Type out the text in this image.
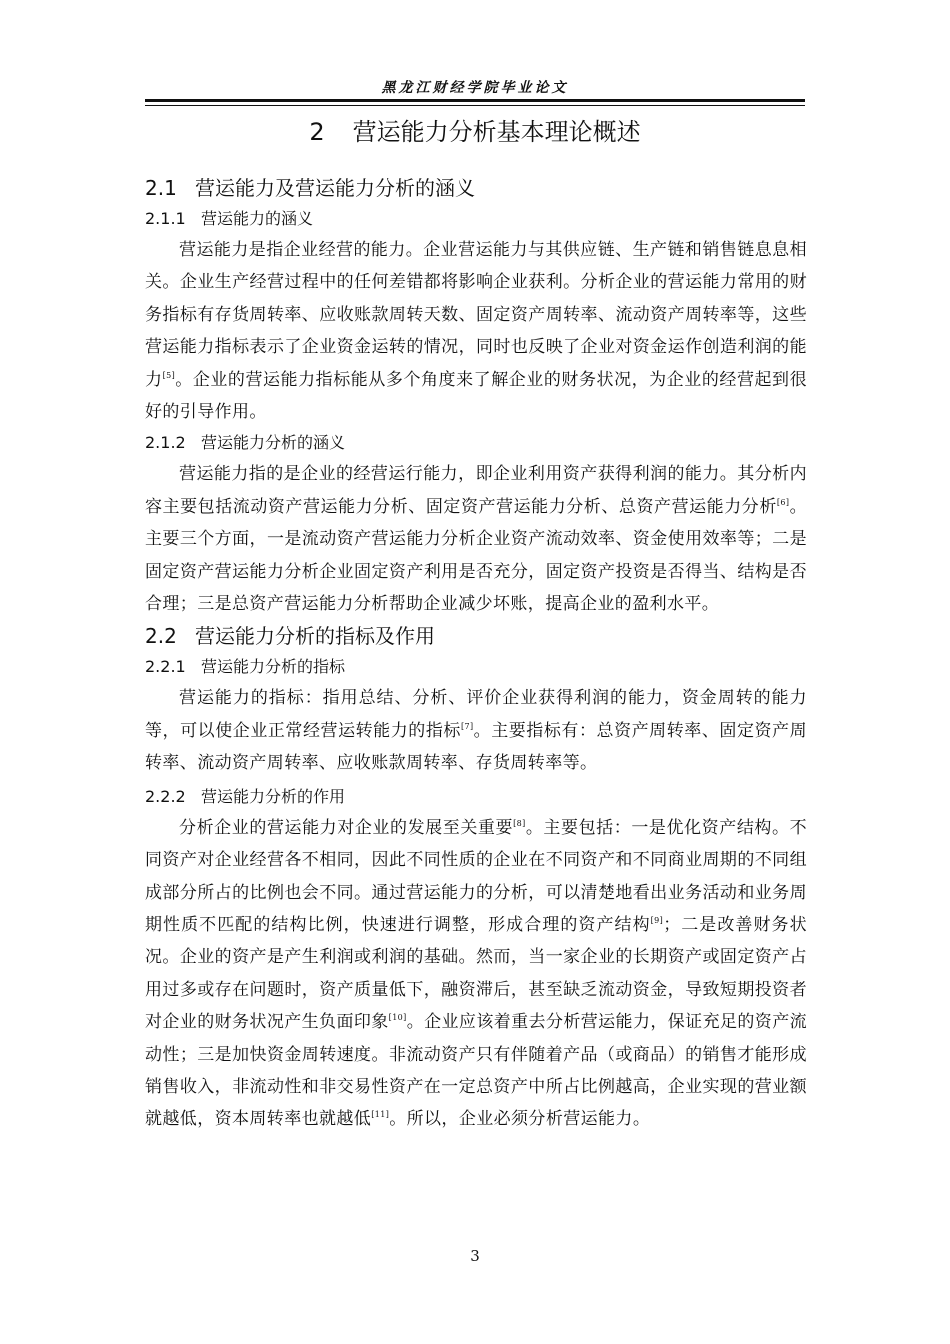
黑龙江财经学院毕业论文
2 营运能力分析基本理论概述
2.1 营运能力及营运能力分析的涵义
2.1.1 营运能力的涵义

营运能力是指企业经营的能力。企业营运能力与其供应链、生产链和销售链息息相关。企业生产经营过程中的任何差错都将影响企业获利。分析企业的营运能力常用的财务指标有存货周转率、应收账款周转天数、固定资产周转率、流动资产周转率等，这些营运能力指标表示了企业资金运转的情况，同时也反映了企业对资金运作创造利润的能力[5]。企业的营运能力指标能从多个角度来了解企业的财务状况，为企业的经营起到很好的引导作用。

2.1.2 营运能力分析的涵义

营运能力指的是企业的经营运行能力，即企业利用资产获得利润的能力。其分析内容主要包括流动资产营运能力分析、固定资产营运能力分析、总资产营运能力分析[6]。主要三个方面，一是流动资产营运能力分析企业资产流动效率、资金使用效率等；二是固定资产营运能力分析企业固定资产利用是否充分，固定资产投资是否得当、结构是否合理；三是总资产营运能力分析帮助企业减少坏账，提高企业的盈利水平。

2.2 营运能力分析的指标及作用
2.2.1 营运能力分析的指标

营运能力的指标：指用总结、分析、评价企业获得利润的能力，资金周转的能力等，可以使企业正常经营运转能力的指标[7]。主要指标有：总资产周转率、固定资产周转率、流动资产周转率、应收账款周转率、存货周转率等。

2.2.2 营运能力分析的作用

分析企业的营运能力对企业的发展至关重要[8]。主要包括：一是优化资产结构。不同资产对企业经营各不相同，因此不同性质的企业在不同资产和不同商业周期的不同组成部分所占的比例也会不同。通过营运能力的分析，可以清楚地看出业务活动和业务周期性质不匹配的结构比例，快速进行调整，形成合理的资产结构[9]；二是改善财务状况。企业的资产是产生利润或利润的基础。然而，当一家企业的长期资产或固定资产占用过多或存在问题时，资产质量低下，融资滞后，甚至缺乏流动资金，导致短期投资者对企业的财务状况产生负面印象[10]。企业应该着重去分析营运能力，保证充足的资产流动性；三是加快资金周转速度。非流动资产只有伴随着产品（或商品）的销售才能形成销售收入，非流动性和非交易性资产在一定总资产中所占比例越高，企业实现的营业额就越低，资本周转率也就越低[11]。所以，企业必须分析营运能力。

3
